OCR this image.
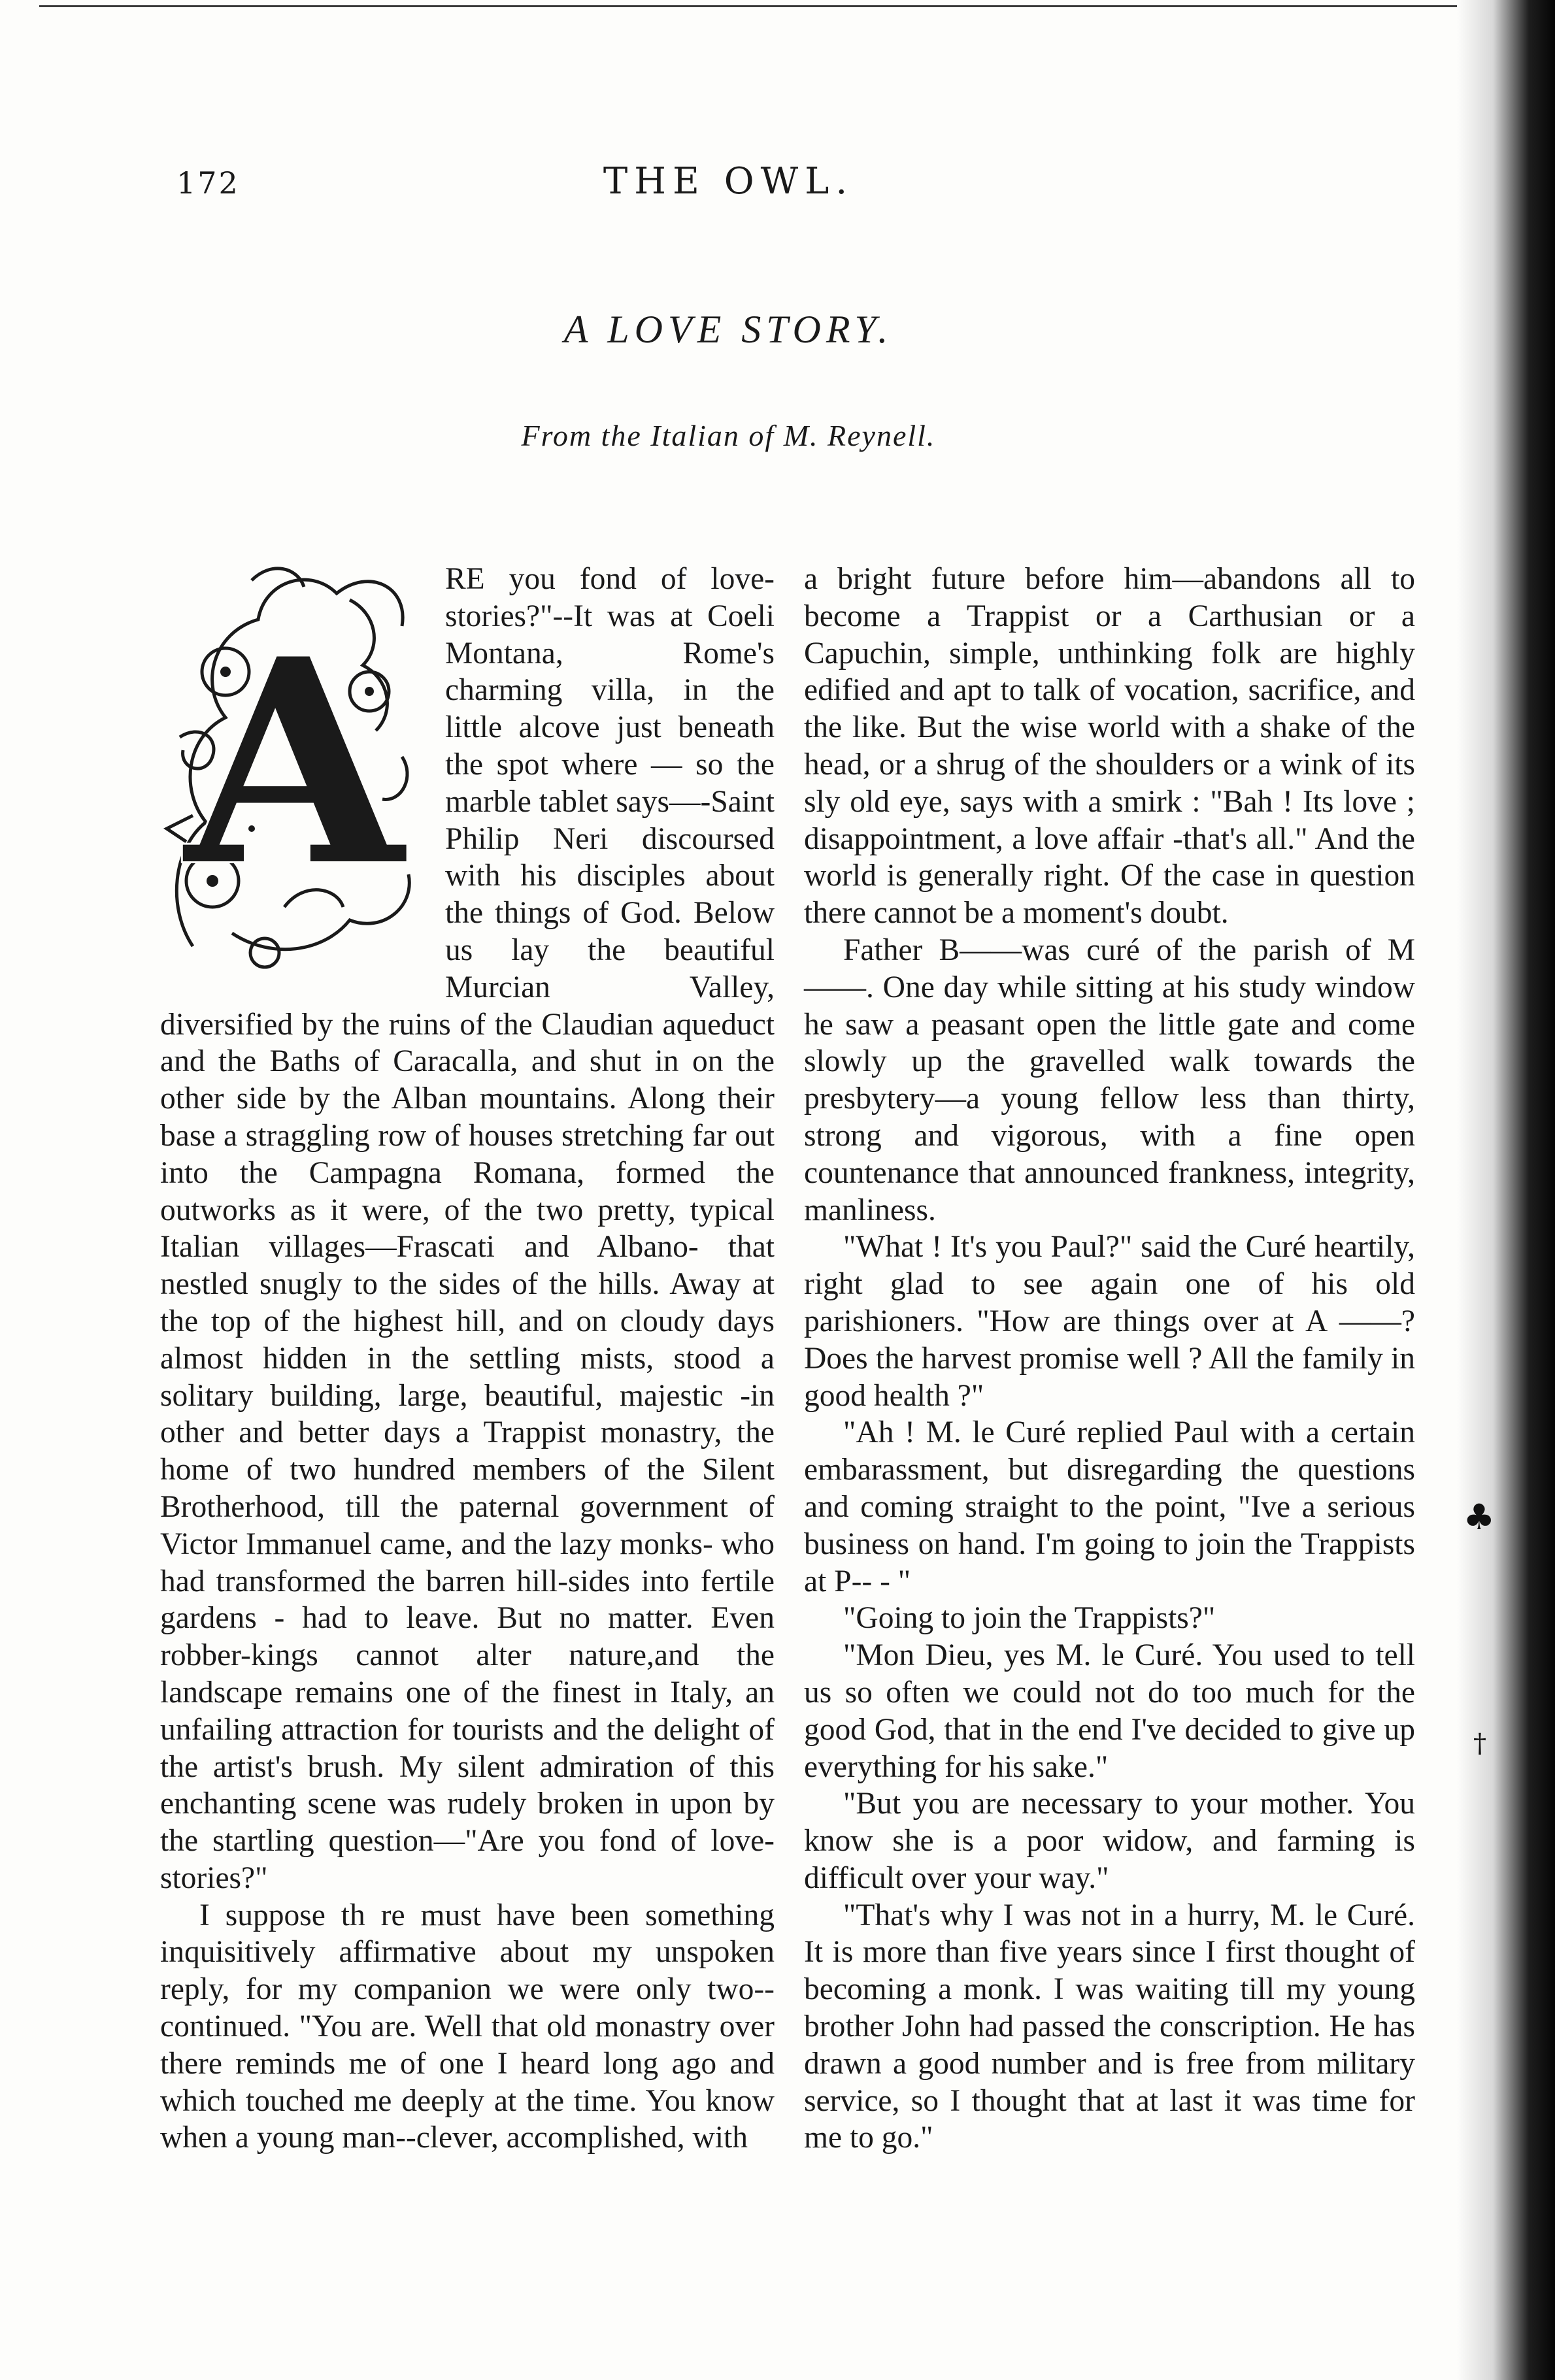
♣
†
172	THE OWL.
A LOVE STORY.
From the Italian of M. Reynell.
A

RE you fond of love-stories?"--It was at Coeli Montana, Rome's charming villa, in the little alcove just beneath the spot where — so the marble tablet says—-Saint Philip Neri discoursed with his disciples about the things of God. Below us lay the beautiful Murcian Valley, diversified by the ruins of the Claudian aqueduct and the Baths of Caracalla, and shut in on the other side by the Alban mountains. Along their base a straggling row of houses stretching far out into the Campagna Romana, formed the outworks as it were, of the two pretty, typical Italian villages—Frascati and Albano- that nestled snugly to the sides of the hills. Away at the top of the highest hill, and on cloudy days almost hidden in the settling mists, stood a solitary building, large, beautiful, majestic -in other and better days a Trappist monastry, the home of two hundred members of the Silent Brotherhood, till the paternal government of Victor Immanuel came, and the lazy monks- who had transformed the barren hill-sides into fertile gardens - had to leave. But no matter. Even robber-kings cannot alter nature,and the landscape remains one of the finest in Italy, an unfailing attraction for tourists and the delight of the artist's brush. My silent admiration of this enchanting scene was rudely broken in upon by the startling question—"Are you fond of love-stories?"

I suppose th re must have been something inquisitively affirmative about my unspoken reply, for my companion we were only two--continued. "You are. Well that old monastry over there reminds me of one I heard long ago and which touched me deeply at the time. You know when a young man--clever, accomplished, with

a bright future before him—abandons all to become a Trappist or a Carthusian or a Capuchin, simple, unthinking folk are highly edified and apt to talk of vocation, sacrifice, and the like. But the wise world with a shake of the head, or a shrug of the shoulders or a wink of its sly old eye, says with a smirk : "Bah ! Its love ; disappointment, a love affair -that's all." And the world is generally right. Of the case in question there cannot be a moment's doubt.

Father B——was curé of the parish of M——. One day while sitting at his study window he saw a peasant open the little gate and come slowly up the gravelled walk towards the presbytery—a young fellow less than thirty, strong and vigorous, with a fine open countenance that announced frankness, integrity, manliness.

"What ! It's you Paul?" said the Curé heartily, right glad to see again one of his old parishioners. "How are things over at A ——? Does the harvest promise well ? All the family in good health ?"

"Ah ! M. le Curé replied Paul with a certain embarassment, but disregarding the questions and coming straight to the point, "Ive a serious business on hand. I'm going to join the Trappists at P-- - "

"Going to join the Trappists?"

"Mon Dieu, yes M. le Curé. You used to tell us so often we could not do too much for the good God, that in the end I've decided to give up everything for his sake."

"But you are necessary to your mother. You know she is a poor widow, and farming is difficult over your way."

"That's why I was not in a hurry, M. le Curé. It is more than five years since I first thought of becoming a monk. I was waiting till my young brother John had passed the conscription. He has drawn a good number and is free from military service, so I thought that at last it was time for me to go."
